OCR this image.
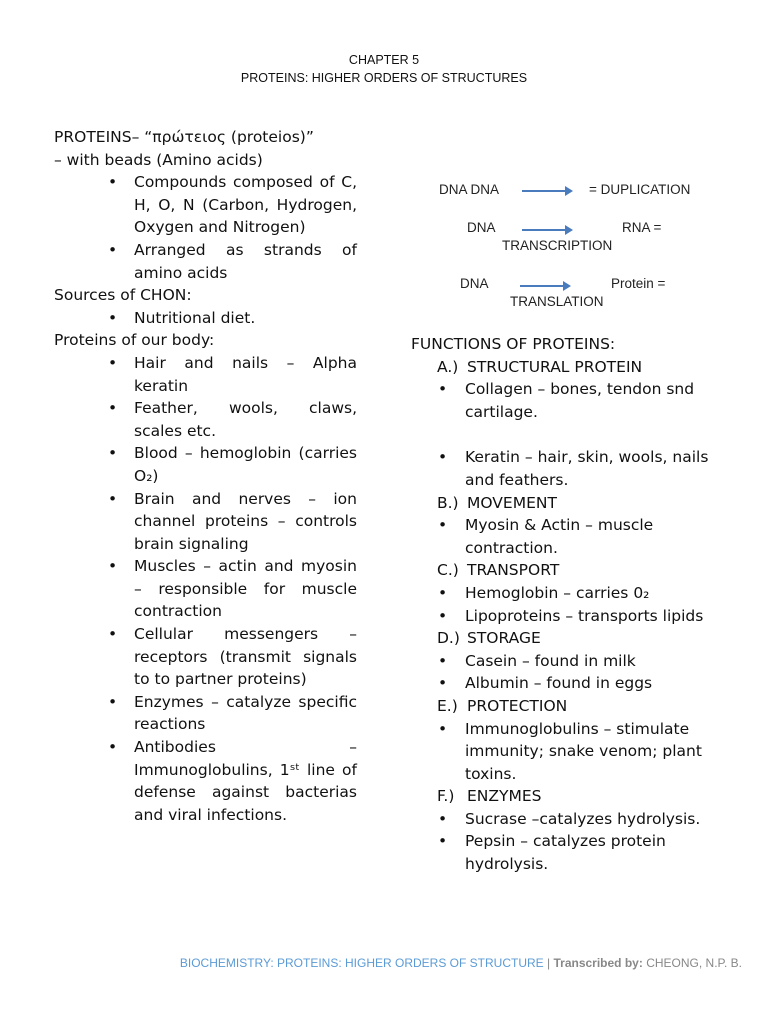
CHAPTER 5
PROTEINS: HIGHER ORDERS OF STRUCTURES
PROTEINS– “πρώτειος (proteios)”
– with beads (Amino acids)
• Compounds composed of C, H, O, N (Carbon, Hydrogen, Oxygen and Nitrogen)
• Arranged as strands of amino acids
Sources of CHON:
• Nutritional diet.
Proteins of our body:
• Hair and nails – Alpha keratin
• Feather, wools, claws, scales etc.
• Blood – hemoglobin (carries O₂)
• Brain and nerves – ion channel proteins – controls brain signaling
• Muscles – actin and myosin – responsible for muscle contraction
• Cellular messengers – receptors (transmit signals to to partner proteins)
• Enzymes – catalyze specific reactions
• Antibodies – Immunoglobulins, 1ˢᵗ line of defense against bacterias and viral infections.
DNA DNA	= DUPLICATION
DNA	RNA =
TRANSCRIPTION
DNA	Protein =
TRANSLATION
FUNCTIONS OF PROTEINS:
A.) STRUCTURAL PROTEIN
• Collagen – bones, tendon snd cartilage.
• Keratin – hair, skin, wools, nails and feathers.
B.) MOVEMENT
• Myosin & Actin – muscle contraction.
C.) TRANSPORT
• Hemoglobin – carries 0₂
• Lipoproteins – transports lipids
D.) STORAGE
• Casein – found in milk
• Albumin – found in eggs
E.) PROTECTION
• Immunoglobulins – stimulate immunity; snake venom; plant toxins.
F.) ENZYMES
• Sucrase –catalyzes hydrolysis.
• Pepsin – catalyzes protein hydrolysis.
BIOCHEMISTRY: PROTEINS: HIGHER ORDERS OF STRUCTURE | Transcribed by: CHEONG, N.P. B.
